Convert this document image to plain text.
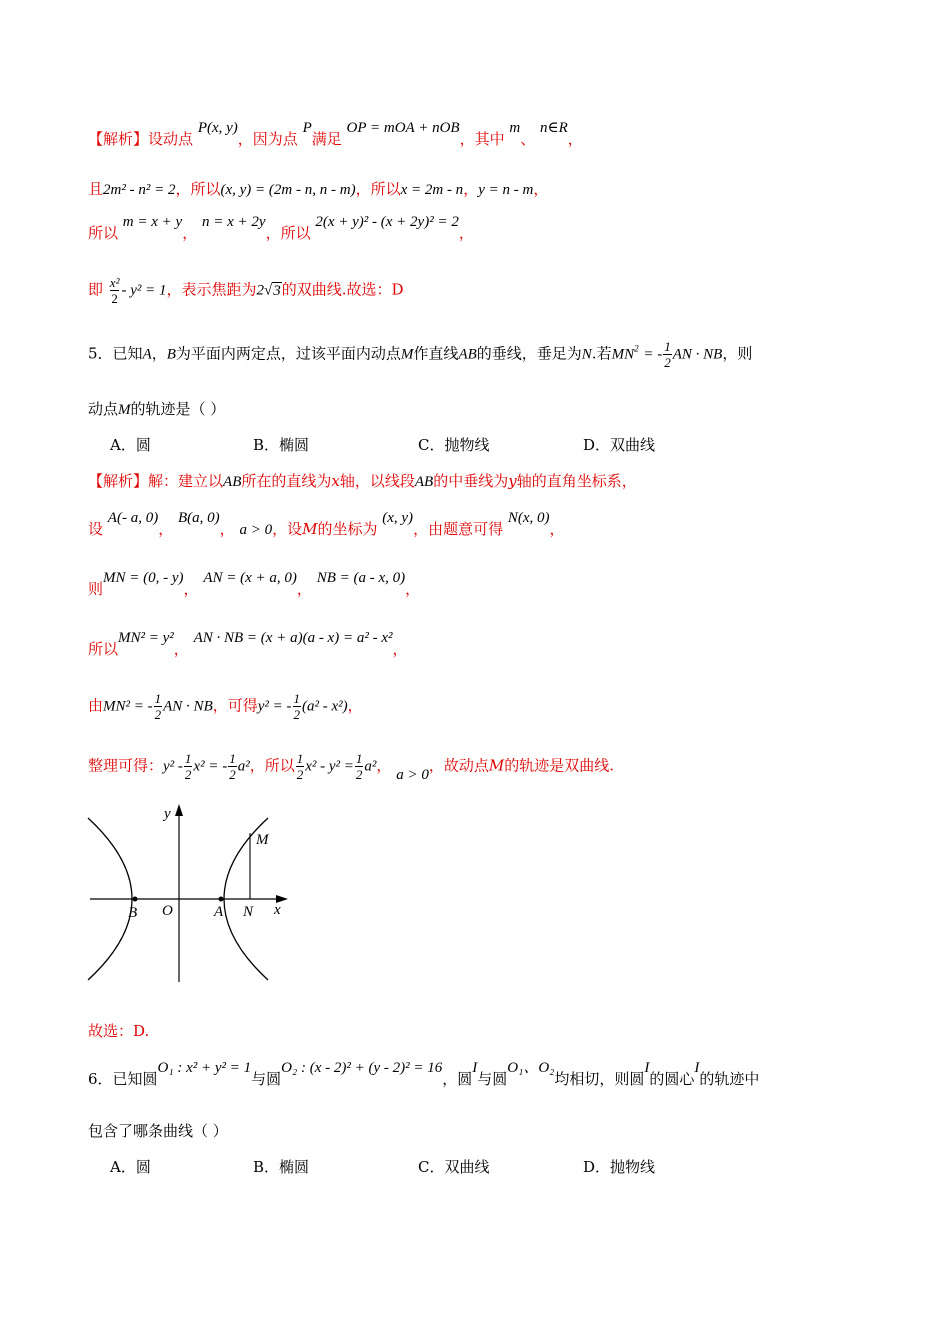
【解析】设动点 P(x, y)，因为点 P满足 OP = mOA + nOB，其中 m、 n∈R，
且2m² - n² = 2，所以(x, y) = (2m - n, n - m)，所以x = 2m - n，y = n - m，
所以 m = x + y， n = x + 2y，所以 2(x + y)² - (x + 2y)² = 2，
即 $\frac{\text{x²}}{2} - y^2 = 1$，表示焦距为2√3的双曲线.故选：D
5．已知A，B为平面内两定点，过该平面内动点M作直线AB的垂线，垂足为N.若$MN^2$ = - $\frac{1}{2}$ AN · NB，则
动点M的轨迹是（ ）
A．圆	B．椭圆	C．抛物线	D．双曲线
【解析】解：建立以AB所在的直线为x轴，以线段AB的中垂线为y轴的直角坐标系，
设 A(- a, 0)， B(a, 0)， a > 0，设M的坐标为 (x, y)，由题意可得 N(x, 0)，
则MN = (0, - y)， AN = (x + a, 0)， NB = (a - x, 0)，
所以MN² = y²， AN · NB = (x + a)(a - x) = a² - x²，
由MN² = - $\frac{1}{2}$ AN · NB，可得y² = - $\frac{1}{2} (a^2 - x^2)$，
整理可得：$y^2 - \frac{1}{2} x^2$ = - $\frac{1}{2} a^2$，所以 $\frac{1}{2} x^2 - y^2 = \frac{1}{2} a^2$， a > 0，故动点M的轨迹是双曲线.
y
x
M
B O	A N
故选：D.
6．已知圆O₁ : x² + y² = 1与圆O₂ : (x - 2)² + (y - 2)² = 16，圆I与圆O₁、O₂均相切，则圆I的圆心I的轨迹中
包含了哪条曲线（ ）
A．圆	B．椭圆	C．双曲线	D．抛物线
